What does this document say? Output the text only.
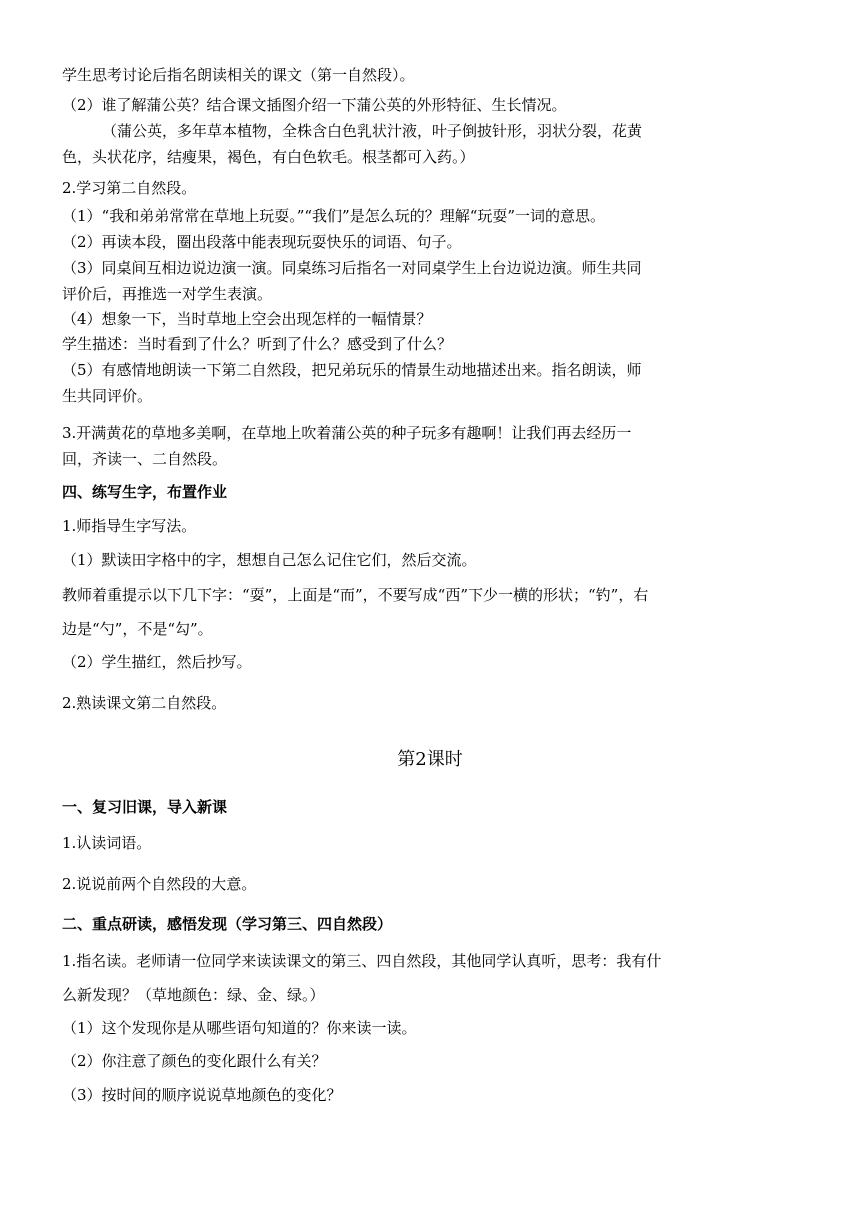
学生思考讨论后指名朗读相关的课文（第一自然段）。
（2）谁了解蒲公英？结合课文插图介绍一下蒲公英的外形特征、生长情况。
（蒲公英，多年草本植物，全株含白色乳状汁液，叶子倒披针形，羽状分裂，花黄
色，头状花序，结瘦果，褐色，有白色软毛。根茎都可入药。）
2.学习第二自然段。
（1）“我和弟弟常常在草地上玩耍。”“我们”是怎么玩的？理解“玩耍”一词的意思。
（2）再读本段，圈出段落中能表现玩耍快乐的词语、句子。
（3）同桌间互相边说边演一演。同桌练习后指名一对同桌学生上台边说边演。师生共同
评价后，再推选一对学生表演。
（4）想象一下，当时草地上空会出现怎样的一幅情景？
学生描述：当时看到了什么？听到了什么？感受到了什么？
（5）有感情地朗读一下第二自然段，把兄弟玩乐的情景生动地描述出来。指名朗读，师
生共同评价。
3.开满黄花的草地多美啊，在草地上吹着蒲公英的种子玩多有趣啊！让我们再去经历一
回，齐读一、二自然段。
四、练写生字，布置作业
1.师指导生字写法。
（1）默读田字格中的字，想想自己怎么记住它们，然后交流。
教师着重提示以下几下字：“耍”，上面是“而”，不要写成“西”下少一横的形状；“钓”，右
边是“勺”，不是“勾”。
（2）学生描红，然后抄写。
2.熟读课文第二自然段。
第2课时
一、复习旧课，导入新课
1.认读词语。
2.说说前两个自然段的大意。
二、重点研读，感悟发现（学习第三、四自然段）
1.指名读。老师请一位同学来读读课文的第三、四自然段，其他同学认真听，思考：我有什
么新发现？（草地颜色：绿、金、绿。）
（1）这个发现你是从哪些语句知道的？你来读一读。
（2）你注意了颜色的变化跟什么有关？
（3）按时间的顺序说说草地颜色的变化？
